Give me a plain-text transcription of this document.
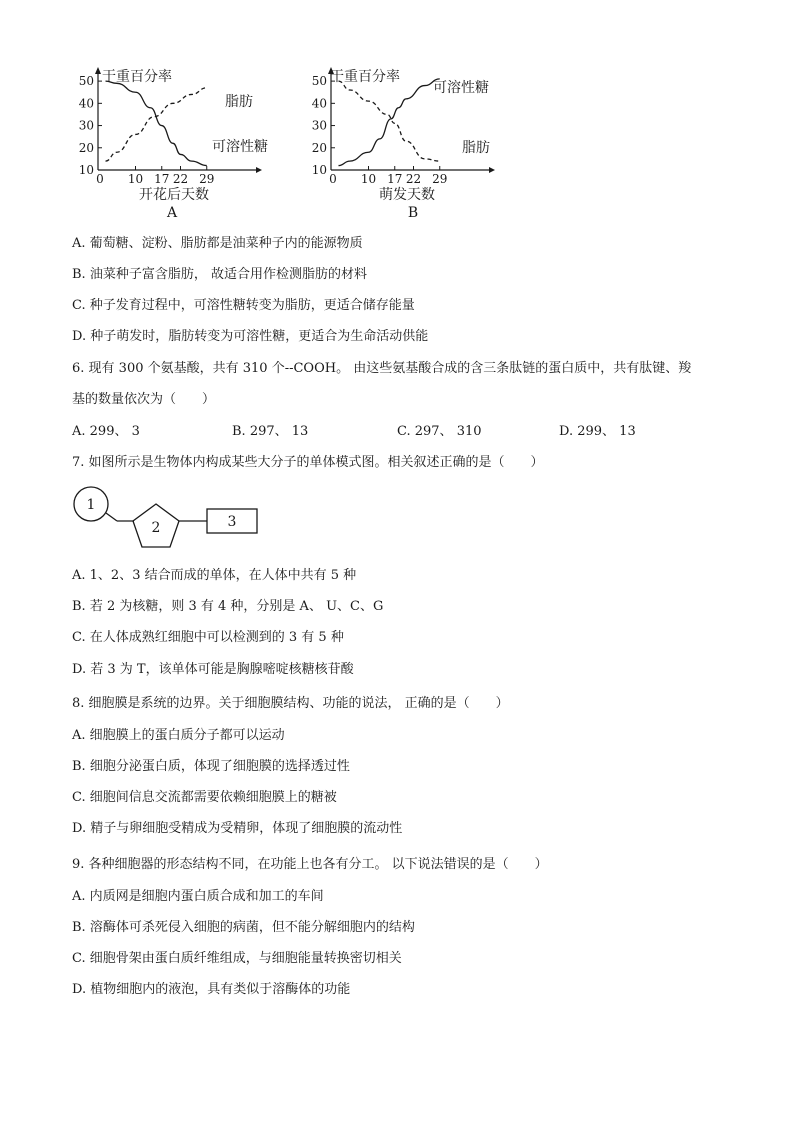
10
20
30
40
50
0 10 17 22 29
干重百分率
开花后天数
A
脂肪
可溶性糖
10
20
30
40
50
0 10 17 22 29
干重百分率
萌发天数
B
可溶性糖
脂肪
A. 葡萄糖、淀粉、脂肪都是油菜种子内的能源物质
B. 油菜种子富含脂肪， 故适合用作检测脂肪的材料
C. 种子发育过程中，可溶性糖转变为脂肪，更适合储存能量
D. 种子萌发时，脂肪转变为可溶性糖，更适合为生命活动供能
6. 现有 300 个氨基酸，共有 310 个--COOH。 由这些氨基酸合成的含三条肽链的蛋白质中，共有肽键、羧
基的数量依次为（　　）
A. 299、 3	B. 297、 13	C. 297、 310	D. 299、 13
7. 如图所示是生物体内构成某些大分子的单体模式图。相关叙述正确的是（　　）
1
2	3
A. 1、2、3 结合而成的单体，在人体中共有 5 种
B. 若 2 为核糖，则 3 有 4 种，分别是 A、 U、C、G
C. 在人体成熟红细胞中可以检测到的 3 有 5 种
D. 若 3 为 T，该单体可能是胸腺嘧啶核糖核苷酸
8. 细胞膜是系统的边界。关于细胞膜结构、功能的说法， 正确的是（　　）
A. 细胞膜上的蛋白质分子都可以运动
B. 细胞分泌蛋白质，体现了细胞膜的选择透过性
C. 细胞间信息交流都需要依赖细胞膜上的糖被
D. 精子与卵细胞受精成为受精卵，体现了细胞膜的流动性
9. 各种细胞器的形态结构不同，在功能上也各有分工。 以下说法错误的是（　　）
A. 内质网是细胞内蛋白质合成和加工的车间
B. 溶酶体可杀死侵入细胞的病菌，但不能分解细胞内的结构
C. 细胞骨架由蛋白质纤维组成，与细胞能量转换密切相关
D. 植物细胞内的液泡，具有类似于溶酶体的功能
